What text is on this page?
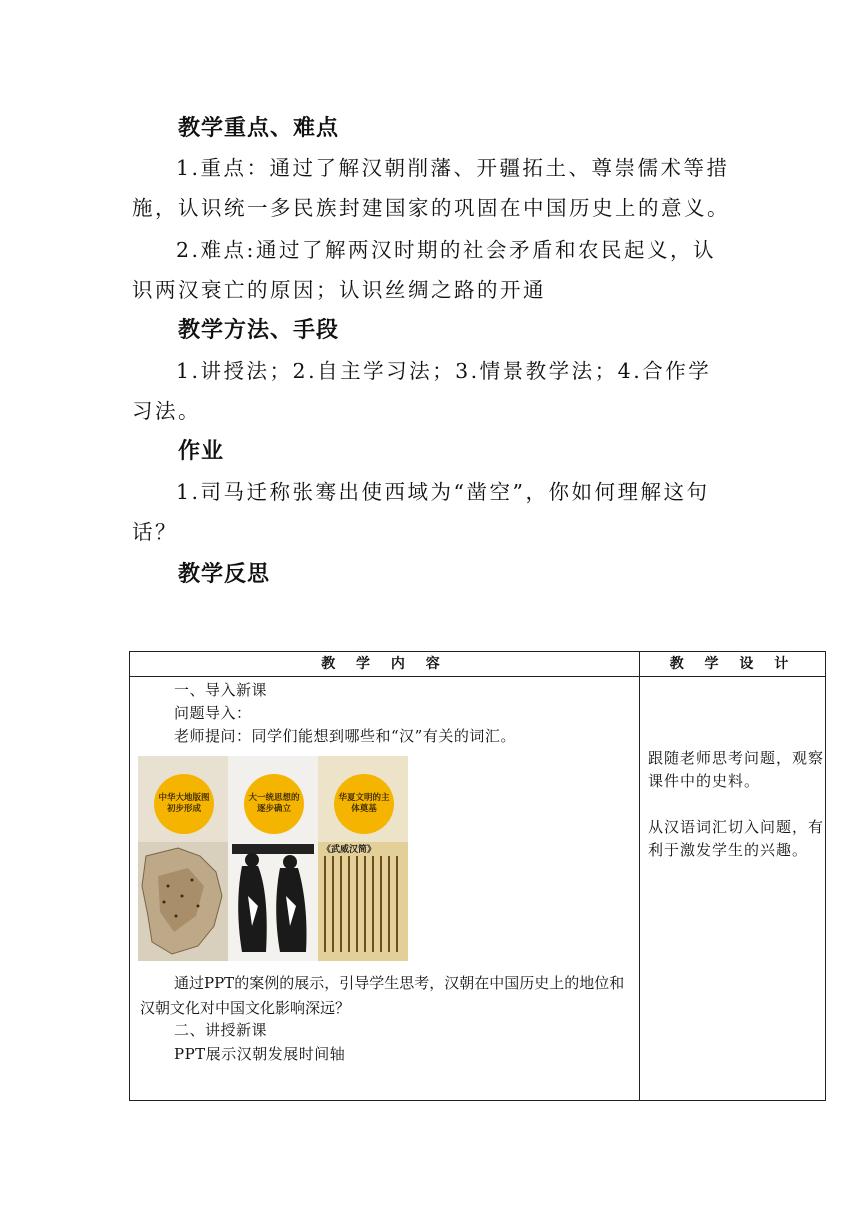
教学重点、难点
1.重点：通过了解汉朝削藩、开疆拓土、尊崇儒术等措施，认识统一多民族封建国家的巩固在中国历史上的意义。
2.难点:通过了解两汉时期的社会矛盾和农民起义，认识两汉衰亡的原因；认识丝绸之路的开通
教学方法、手段
1.讲授法；2.自主学习法；3.情景教学法；4.合作学习法。
作业
1.司马迁称张骞出使西域为“凿空”，你如何理解这句话？
教学反思
教 学 内 容	教 学 设 计
一、导入新课
问题导入：
老师提问：同学们能想到哪些和“汉”有关的词汇。
中华大地版图初步形成
大一统思想的逐步确立
华夏文明的主体奠基
《武威汉简》
通过PPT的案例的展示，引导学生思考，汉朝在中国历史上的地位和汉朝文化对中国文化影响深远？
二、讲授新课
PPT展示汉朝发展时间轴
跟随老师思考问题，观察课件中的史料。
从汉语词汇切入问题，有利于激发学生的兴趣。
